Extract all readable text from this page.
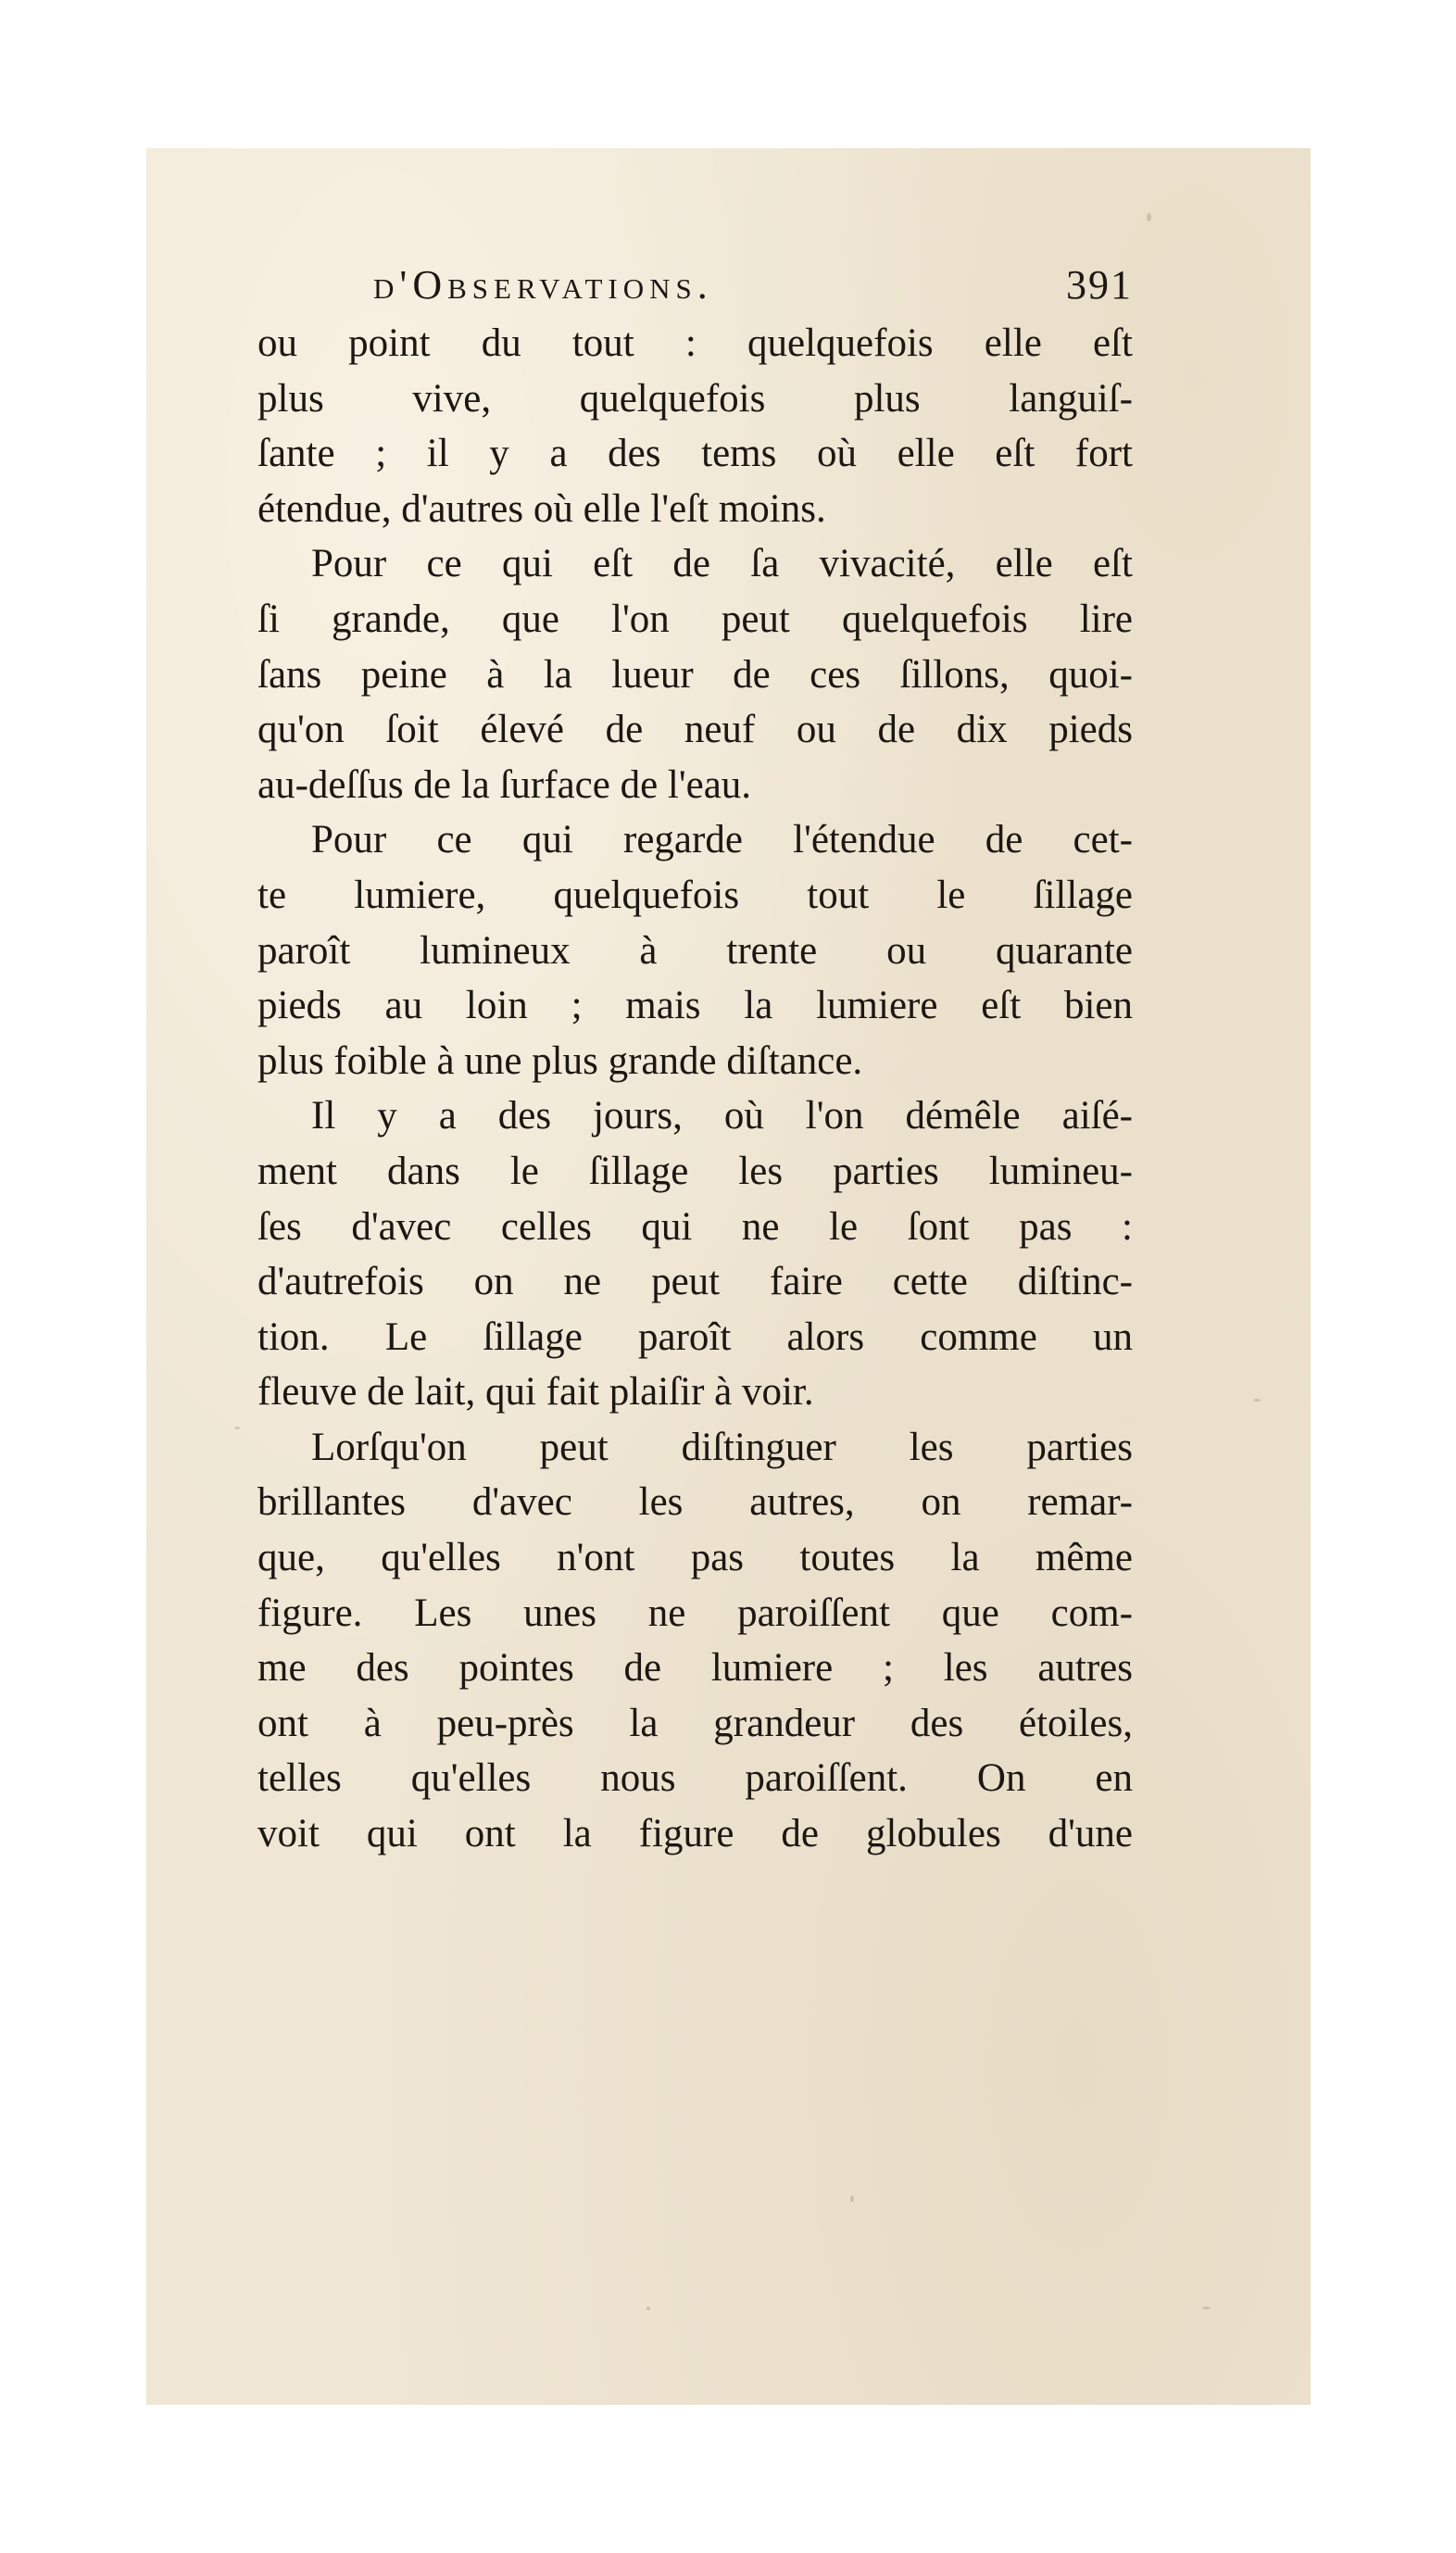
d'Observations.	391
ou point du tout : quelquefois elle eſt
plus vive, quelquefois plus languiſ-
ſante ; il y a des tems où elle eſt fort
étendue, d'autres où elle l'eſt moins.
Pour ce qui eſt de ſa vivacité, elle eſt
ſi grande, que l'on peut quelquefois lire
ſans peine à la lueur de ces ſillons, quoi-
qu'on ſoit élevé de neuf ou de dix pieds
au-deſſus de la ſurface de l'eau.
Pour ce qui regarde l'étendue de cet-
te lumiere, quelquefois tout le ſillage
paroît lumineux à trente ou quarante
pieds au loin ; mais la lumiere eſt bien
plus foible à une plus grande diſtance.
Il y a des jours, où l'on démêle aiſé-
ment dans le ſillage les parties lumineu-
ſes d'avec celles qui ne le ſont pas :
d'autrefois on ne peut faire cette diſtinc-
tion. Le ſillage paroît alors comme un
fleuve de lait, qui fait plaiſir à voir.
Lorſqu'on peut diſtinguer les parties
brillantes d'avec les autres, on remar-
que, qu'elles n'ont pas toutes la même
figure. Les unes ne paroiſſent que com-
me des pointes de lumiere ; les autres
ont à peu-près la grandeur des étoiles,
telles qu'elles nous paroiſſent. On en
voit qui ont la figure de globules d'une
